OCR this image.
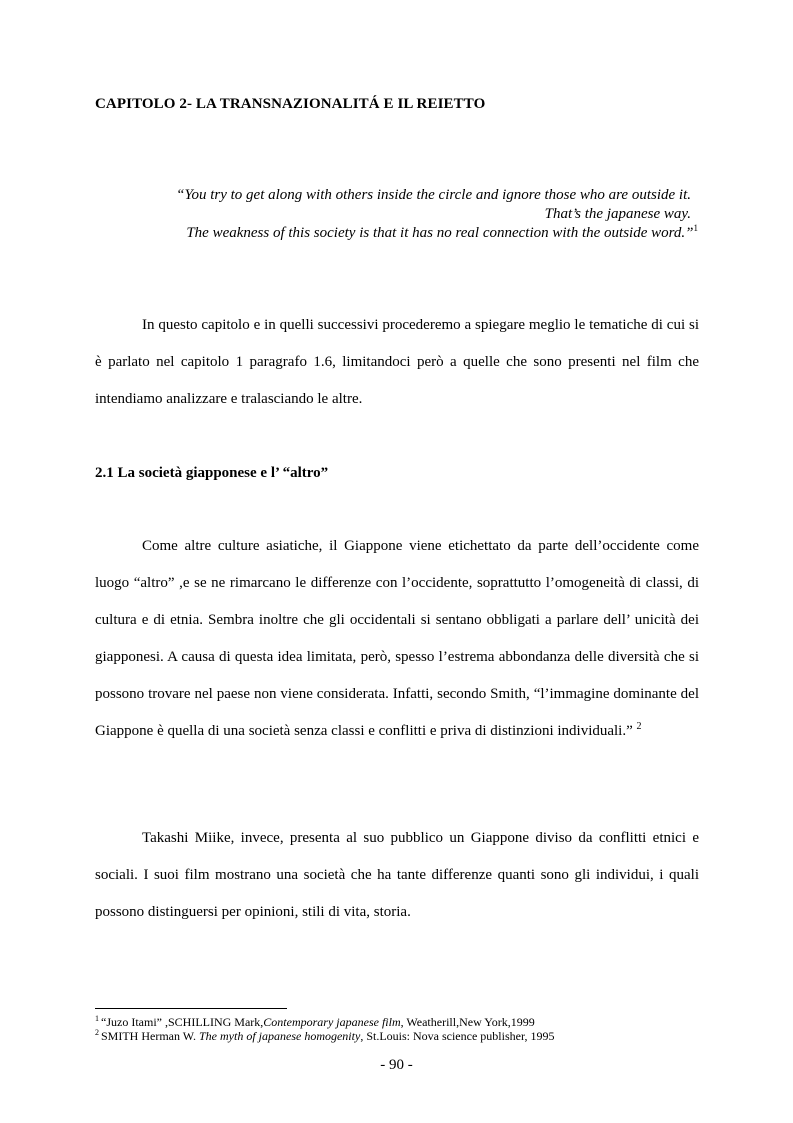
CAPITOLO 2- LA TRANSNAZIONALITÁ E IL REIETTO
“You try to get along with others inside the circle and ignore those who are outside it.
That’s the japanese way.
The weakness of this society is that it has no real connection with the outside word.”$^1$

In questo capitolo e in quelli successivi procederemo a spiegare meglio le tematiche di cui si è parlato nel capitolo 1 paragrafo 1.6, limitandoci però a quelle che sono presenti nel film che intendiamo analizzare e tralasciando le altre.

2.1 La società giapponese e l’ “altro”

Come altre culture asiatiche, il Giappone viene etichettato da parte dell’occidente come luogo “altro” ,e se ne rimarcano le differenze con l’occidente, soprattutto l’omogeneità di classi, di cultura e di etnia. Sembra inoltre che gli occidentali si sentano obbligati a parlare dell’ unicità dei giapponesi. A causa di questa idea limitata, però, spesso l’estrema abbondanza delle diversità che si possono trovare nel paese non viene considerata. Infatti, secondo Smith, “l’immagine dominante del Giappone è quella di una società senza classi e conflitti e priva di distinzioni individuali.” $^2$

Takashi Miike, invece, presenta al suo pubblico un Giappone diviso da conflitti etnici e sociali. I suoi film mostrano una società che ha tante differenze quanti sono gli individui, i quali possono distinguersi per opinioni, stili di vita, storia.

$^1$ “Juzo Itami” ,SCHILLING Mark,Contemporary japanese film, Weatherill,New York,1999
$^2$ SMITH Herman W. The myth of japanese homogenity, St.Louis: Nova science publisher, 1995
- 90 -
